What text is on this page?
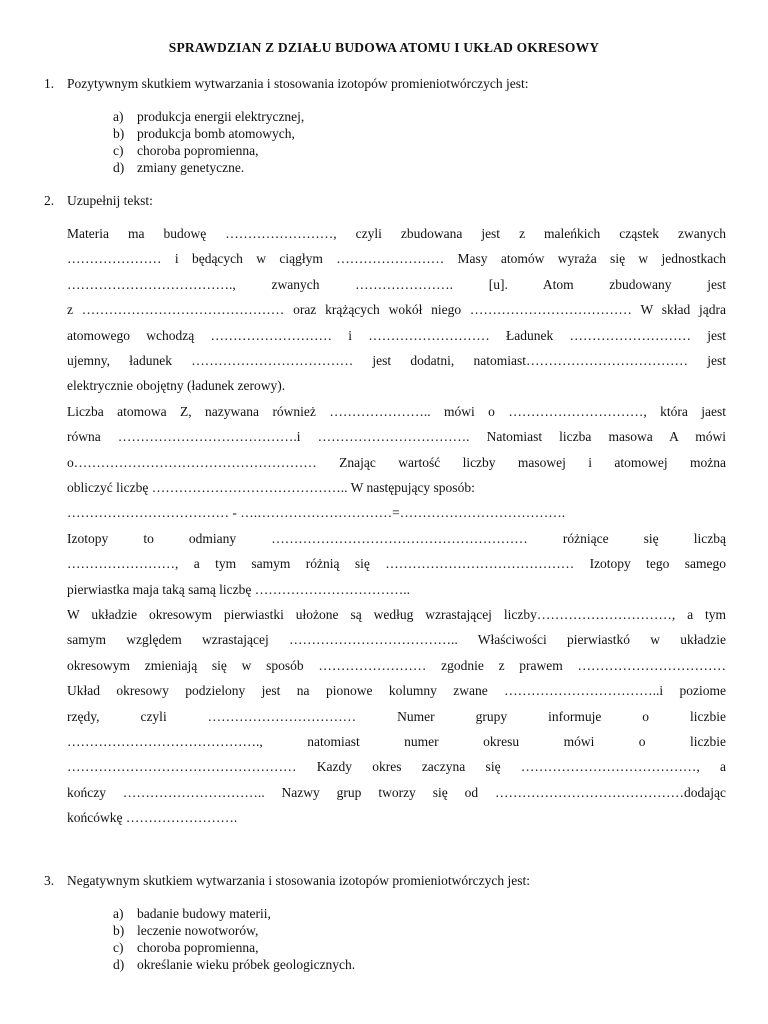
SPRAWDZIAN Z DZIAŁU BUDOWA ATOMU I UKŁAD OKRESOWY
1. Pozytywnym skutkiem wytwarzania i stosowania izotopów promieniotwórczych jest:
a) produkcja energii elektrycznej,
b) produkcja bomb atomowych,
c) choroba popromienna,
d) zmiany genetyczne.
2. Uzupełnij tekst:
Materia ma budowę ……………………, czyli zbudowana jest z maleńkich cząstek zwanych
………………… i będących w ciągłym …………………… Masy atomów wyraża się w jednostkach
………………………………., zwanych …………………. [u]. Atom zbudowany jest
z ……………………………………… oraz krążących wokół niego ……………………………… W skład jądra
atomowego wchodzą ……………………… i ……………………… Ładunek ……………………… jest
ujemny, ładunek ……………………………… jest dodatni, natomiast……………………………… jest
elektrycznie obojętny (ładunek zerowy).
Liczba atomowa Z, nazywana również ………………….. mówi o …………………………, która jaest
równa ………………………………….i ……………………………. Natomiast liczba masowa A mówi
o……………………………………………… Znając wartość liczby masowej i atomowej można
obliczyć liczbę …………………………………….. W następujący sposób:
……………………………… - ….…………………………=……………………………….
Izotopy to odmiany ………………………………………………… różniące się liczbą
……………………, a tym samym różnią się …………………………………… Izotopy tego samego
pierwiastka maja taką samą liczbę ……………………………..
W układzie okresowym pierwiastki ułożone są według wzrastającej liczby…………………………, a tym
samym względem wzrastającej ……………………………….. Właściwości pierwiastkó w układzie
okresowym zmieniają się w sposób …………………… zgodnie z prawem ……………………………
Układ okresowy podzielony jest na pionowe kolumny zwane ……………………………..i poziome
rzędy, czyli …………………………… Numer grupy informuje o liczbie
……………………………………., natomiast numer okresu mówi o liczbie
…………………………………………… Kazdy okres zaczyna się …………………………………, a
kończy ………………………….. Nazwy grup tworzy się od ……………………………………dodając
końcówkę …………………….
3. Negatywnym skutkiem wytwarzania i stosowania izotopów promieniotwórczych jest:
a) badanie budowy materii,
b) leczenie nowotworów,
c) choroba popromienna,
d) określanie wieku próbek geologicznych.
